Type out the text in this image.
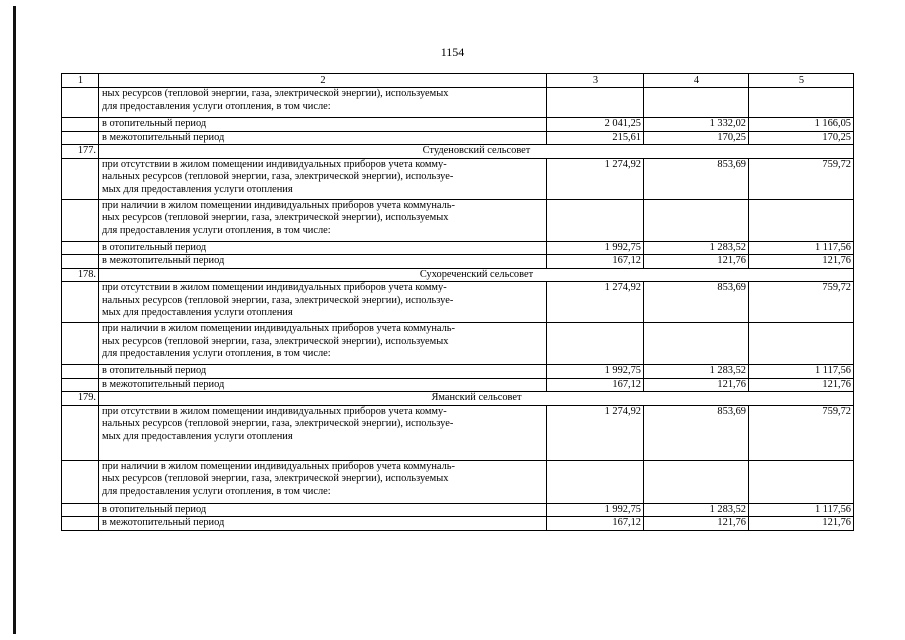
1154
1	2	3	4	5

	ных ресурсов (тепловой энергии, газа, электрической энергии), используемых
для предоставления услуги отопления, в том числе:			

	в отопительный период	2 041,25	1 332,02	1 166,05
	в межотопительный период	215,61	170,25	170,25
177.	Студеновский сельсовет			

	при отсутствии в жилом помещении индивидуальных приборов учета комму-
нальных ресурсов (тепловой энергии, газа, электрической энергии), используе-
мых для предоставления услуги отопления	1 274,92	853,69	759,72

	при наличии в жилом помещении индивидуальных приборов учета коммуналь-
ных ресурсов (тепловой энергии, газа, электрической энергии), используемых
для предоставления услуги отопления, в том числе:			

	в отопительный период	1 992,75	1 283,52	1 117,56
	в межотопительный период	167,12	121,76	121,76
178.	Сухореченский сельсовет			

	при отсутствии в жилом помещении индивидуальных приборов учета комму-
нальных ресурсов (тепловой энергии, газа, электрической энергии), используе-
мых для предоставления услуги отопления	1 274,92	853,69	759,72

	при наличии в жилом помещении индивидуальных приборов учета коммуналь-
ных ресурсов (тепловой энергии, газа, электрической энергии), используемых
для предоставления услуги отопления, в том числе:			

	в отопительный период	1 992,75	1 283,52	1 117,56
	в межотопительный период	167,12	121,76	121,76
179.	Яманский сельсовет			

	при отсутствии в жилом помещении индивидуальных приборов учета комму-
нальных ресурсов (тепловой энергии, газа, электрической энергии), используе-
мых для предоставления услуги отопления	1 274,92	853,69	759,72

	при наличии в жилом помещении индивидуальных приборов учета коммуналь-
ных ресурсов (тепловой энергии, газа, электрической энергии), используемых
для предоставления услуги отопления, в том числе:			

	в отопительный период	1 992,75	1 283,52	1 117,56
	в межотопительный период	167,12	121,76	121,76
